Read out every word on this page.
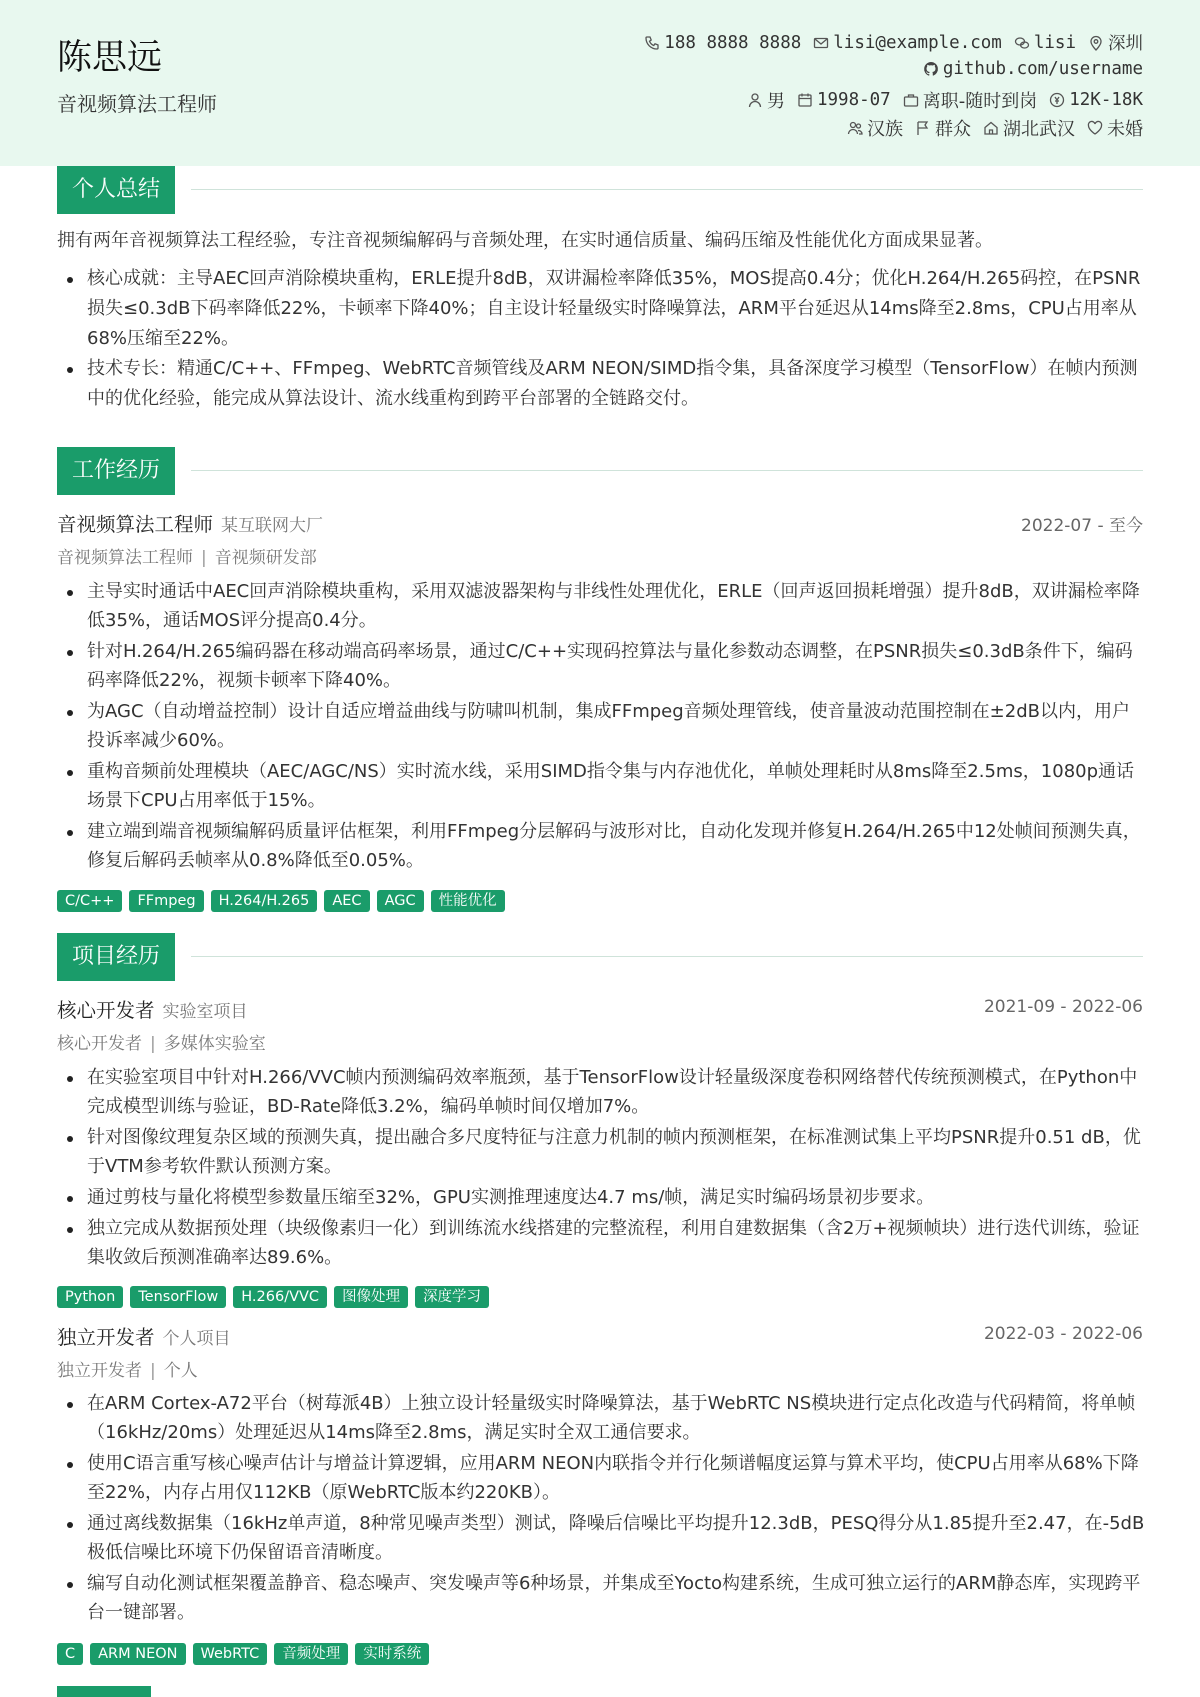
陈思远
音视频算法工程师
188 8888 8888 lisi@example.com lisi 深圳
github.com/username
男 1998-07 离职-随时到岗 12K-18K
汉族 群众 湖北武汉 未婚
个人总结
拥有两年音视频算法工程经验，专注音视频编解码与音频处理，在实时通信质量、编码压缩及性能优化方面成果显著。
核心成就：主导AEC回声消除模块重构，ERLE提升8dB，双讲漏检率降低35%，MOS提高0.4分；优化H.264/H.265码控，在PSNR损失≤0.3dB下码率降低22%，卡顿率下降40%；自主设计轻量级实时降噪算法，ARM平台延迟从14ms降至2.8ms，CPU占用率从68%压缩至22%。
技术专长：精通C/C++、FFmpeg、WebRTC音频管线及ARM NEON/SIMD指令集，具备深度学习模型（TensorFlow）在帧内预测中的优化经验，能完成从算法设计、流水线重构到跨平台部署的全链路交付。
工作经历
音视频算法工程师 某互联网大厂	2022-07 - 至今
音视频算法工程师 | 音视频研发部
主导实时通话中AEC回声消除模块重构，采用双滤波器架构与非线性处理优化，ERLE（回声返回损耗增强）提升8dB，双讲漏检率降低35%，通话MOS评分提高0.4分。
针对H.264/H.265编码器在移动端高码率场景，通过C/C++实现码控算法与量化参数动态调整，在PSNR损失≤0.3dB条件下，编码码率降低22%，视频卡顿率下降40%。
为AGC（自动增益控制）设计自适应增益曲线与防啸叫机制，集成FFmpeg音频处理管线，使音量波动范围控制在±2dB以内，用户投诉率减少60%。
重构音频前处理模块（AEC/AGC/NS）实时流水线，采用SIMD指令集与内存池优化，单帧处理耗时从8ms降至2.5ms，1080p通话场景下CPU占用率低于15%。
建立端到端音视频编解码质量评估框架，利用FFmpeg分层解码与波形对比，自动化发现并修复H.264/H.265中12处帧间预测失真，修复后解码丢帧率从0.8%降低至0.05%。
C/C++	FFmpeg	H.264/H.265	AEC	AGC	性能优化
项目经历
核心开发者 实验室项目	2021-09 - 2022-06
核心开发者 | 多媒体实验室
在实验室项目中针对H.266/VVC帧内预测编码效率瓶颈，基于TensorFlow设计轻量级深度卷积网络替代传统预测模式，在Python中完成模型训练与验证，BD-Rate降低3.2%，编码单帧时间仅增加7%。
针对图像纹理复杂区域的预测失真，提出融合多尺度特征与注意力机制的帧内预测框架，在标准测试集上平均PSNR提升0.51 dB，优于VTM参考软件默认预测方案。
通过剪枝与量化将模型参数量压缩至32%，GPU实测推理速度达4.7 ms/帧，满足实时编码场景初步要求。
独立完成从数据预处理（块级像素归一化）到训练流水线搭建的完整流程，利用自建数据集（含2万+视频帧块）进行迭代训练，验证集收敛后预测准确率达89.6%。
Python	TensorFlow	H.266/VVC	图像处理	深度学习
独立开发者 个人项目	2022-03 - 2022-06
独立开发者 | 个人
在ARM Cortex-A72平台（树莓派4B）上独立设计轻量级实时降噪算法，基于WebRTC NS模块进行定点化改造与代码精简，将单帧（16kHz/20ms）处理延迟从14ms降至2.8ms，满足实时全双工通信要求。
使用C语言重写核心噪声估计与增益计算逻辑，应用ARM NEON内联指令并行化频谱幅度运算与算术平均，使CPU占用率从68%下降至22%，内存占用仅112KB（原WebRTC版本约220KB）。
通过离线数据集（16kHz单声道，8种常见噪声类型）测试，降噪后信噪比平均提升12.3dB，PESQ得分从1.85提升至2.47，在-5dB极低信噪比环境下仍保留语音清晰度。
编写自动化测试框架覆盖静音、稳态噪声、突发噪声等6种场景，并集成至Yocto构建系统，生成可独立运行的ARM静态库，实现跨平台一键部署。
C	ARM NEON	WebRTC	音频处理	实时系统
